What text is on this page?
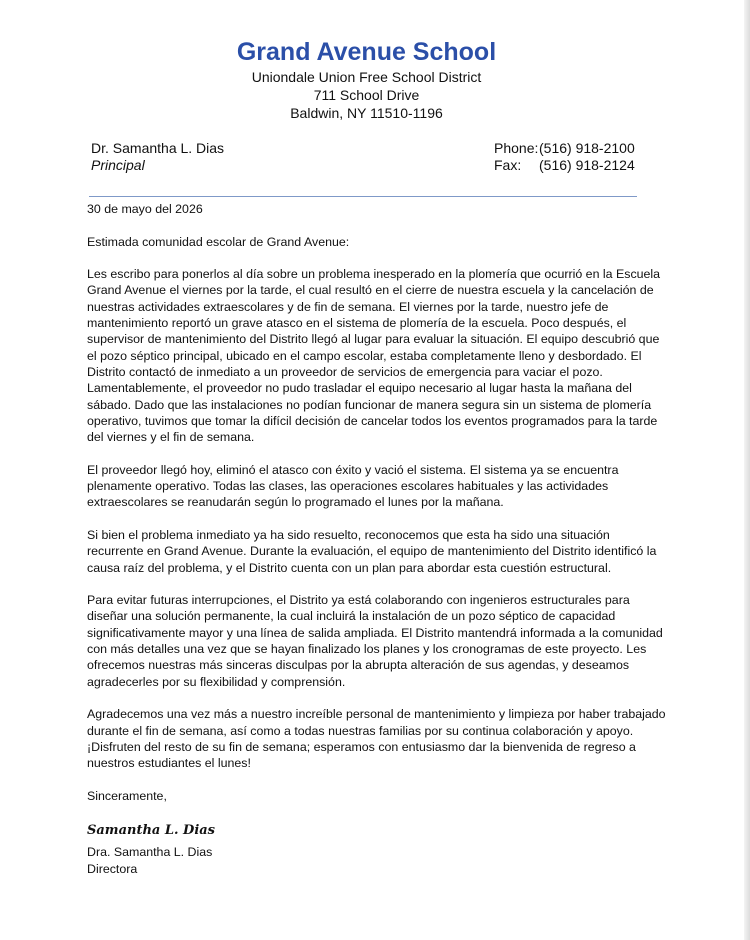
Grand Avenue School
Uniondale Union Free School District
711 School Drive
Baldwin, NY 11510-1196
Dr. Samantha L. Dias
Principal
Phone: (516) 918-2100
Fax:	(516) 918-2124

30 de mayo del 2026

Estimada comunidad escolar de Grand Avenue:

Les escribo para ponerlos al día sobre un problema inesperado en la plomería que ocurrió en la Escuela Grand Avenue el viernes por la tarde, el cual resultó en el cierre de nuestra escuela y la cancelación de nuestras actividades extraescolares y de fin de semana. El viernes por la tarde, nuestro jefe de mantenimiento reportó un grave atasco en el sistema de plomería de la escuela. Poco después, el supervisor de mantenimiento del Distrito llegó al lugar para evaluar la situación. El equipo descubrió que el pozo séptico principal, ubicado en el campo escolar, estaba completamente lleno y desbordado. El Distrito contactó de inmediato a un proveedor de servicios de emergencia para vaciar el pozo. Lamentablemente, el proveedor no pudo trasladar el equipo necesario al lugar hasta la mañana del sábado. Dado que las instalaciones no podían funcionar de manera segura sin un sistema de plomería operativo, tuvimos que tomar la difícil decisión de cancelar todos los eventos programados para la tarde del viernes y el fin de semana.

El proveedor llegó hoy, eliminó el atasco con éxito y vació el sistema. El sistema ya se encuentra plenamente operativo. Todas las clases, las operaciones escolares habituales y las actividades extraescolares se reanudarán según lo programado el lunes por la mañana.

Si bien el problema inmediato ya ha sido resuelto, reconocemos que esta ha sido una situación recurrente en Grand Avenue. Durante la evaluación, el equipo de mantenimiento del Distrito identificó la causa raíz del problema, y el Distrito cuenta con un plan para abordar esta cuestión estructural.

Para evitar futuras interrupciones, el Distrito ya está colaborando con ingenieros estructurales para diseñar una solución permanente, la cual incluirá la instalación de un pozo séptico de capacidad significativamente mayor y una línea de salida ampliada. El Distrito mantendrá informada a la comunidad con más detalles una vez que se hayan finalizado los planes y los cronogramas de este proyecto. Les ofrecemos nuestras más sinceras disculpas por la abrupta alteración de sus agendas, y deseamos agradecerles por su flexibilidad y comprensión.

Agradecemos una vez más a nuestro increíble personal de mantenimiento y limpieza por haber trabajado durante el fin de semana, así como a todas nuestras familias por su continua colaboración y apoyo. ¡Disfruten del resto de su fin de semana; esperamos con entusiasmo dar la bienvenida de regreso a nuestros estudiantes el lunes!

Sinceramente,

Samantha L. Dias

Dra. Samantha L. Dias
Directora
